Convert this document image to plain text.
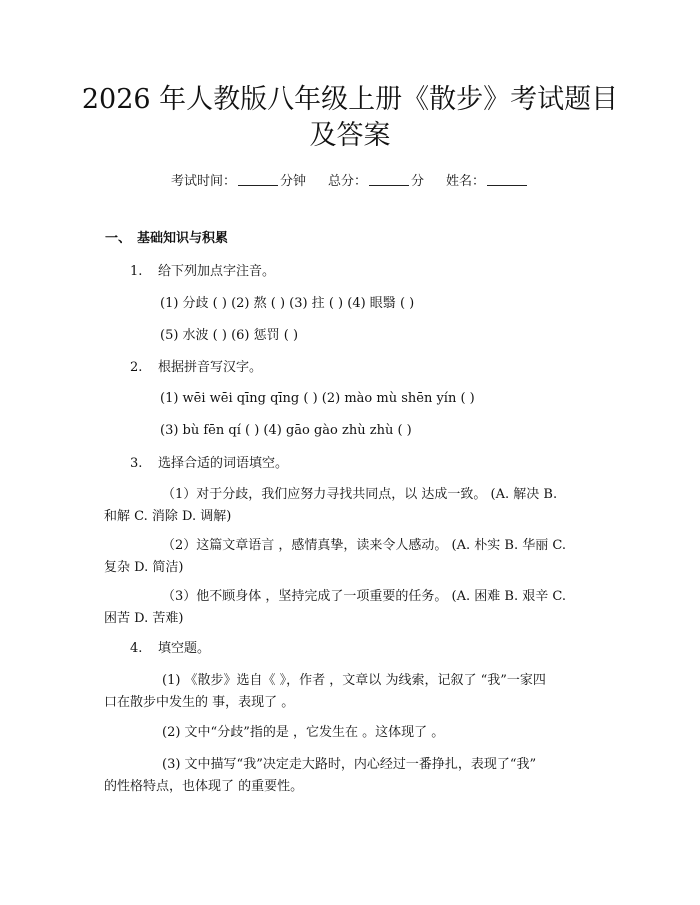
2026 年人教版八年级上册《散步》考试题目
及答案
考试时间：	分钟 总分：	分 姓名：
一、 基础知识与积累
1. 给下列加点字注音。
(1) 分歧 ( ) (2) 熬 ( ) (3) 拄 ( ) (4) 眼翳 ( )
(5) 水波 ( ) (6) 惩罚 ( )
2. 根据拼音写汉字。
(1) wēi wēi qīng qīng ( ) (2) mào mù shēn yín ( )
(3) bù fēn qí ( ) (4) gāo gào zhù zhù ( )
3. 选择合适的词语填空。
（1）对于分歧，我们应努力寻找共同点，以 达成一致。 (A. 解决 B.
和解 C. 消除 D. 调解)
（2）这篇文章语言 ，感情真挚，读来令人感动。 (A. 朴实 B. 华丽 C.
复杂 D. 简洁)
（3）他不顾身体 ，坚持完成了一项重要的任务。 (A. 困难 B. 艰辛 C.
困苦 D. 苦难)
4. 填空题。
(1) 《散步》选自《 》，作者 ，文章以 为线索，记叙了 “我”一家四
口在散步中发生的 事，表现了 。
(2) 文中“分歧”指的是 ，它发生在 。这体现了 。
(3) 文中描写“我”决定走大路时，内心经过一番挣扎，表现了“我”
的性格特点，也体现了 的重要性。
